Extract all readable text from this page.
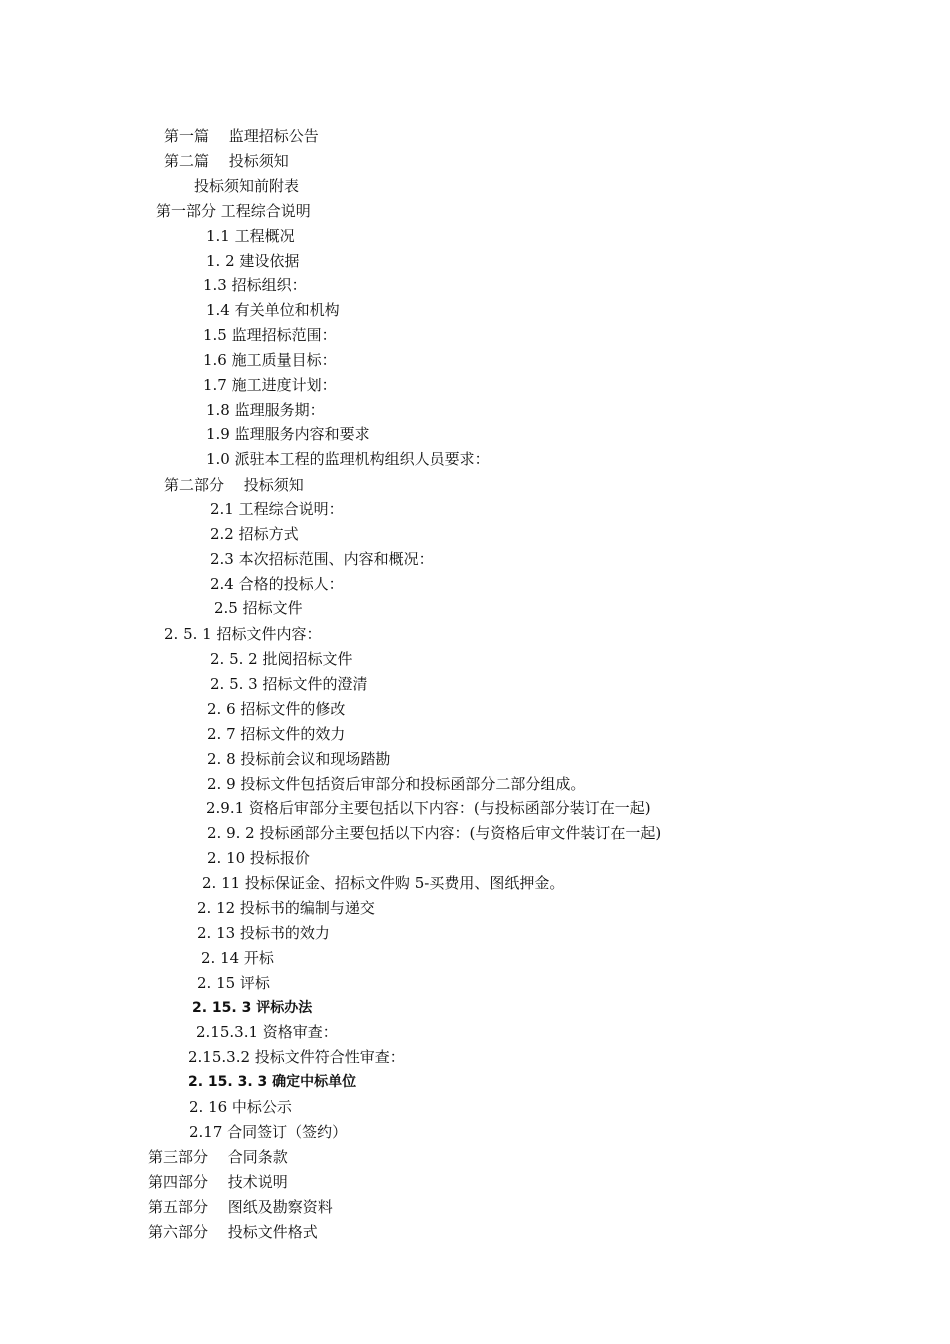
第一篇　 监理招标公告
第二篇　 投标须知
投标须知前附表
第一部分 工程综合说明
1.1 工程概况
1. 2 建设依据
1.3 招标组织：
1.4 有关单位和机构
1.5 监理招标范围：
1.6 施工质量目标：
1.7 施工进度计划：
1.8 监理服务期：
1.9 监理服务内容和要求
1.0 派驻本工程的监理机构组织人员要求：
第二部分　 投标须知
2.1 工程综合说明：
2.2 招标方式
2.3 本次招标范围、内容和概况：
2.4 合格的投标人：
2.5 招标文件
2. 5. 1 招标文件内容：
2. 5. 2 批阅招标文件
2. 5. 3 招标文件的澄清
2. 6 招标文件的修改
2. 7 招标文件的效力
2. 8 投标前会议和现场踏勘
2. 9 投标文件包括资后审部分和投标函部分二部分组成。
2.9.1 资格后审部分主要包括以下内容：(与投标函部分装订在一起)
2. 9. 2 投标函部分主要包括以下内容：(与资格后审文件装订在一起)
2. 10 投标报价
2. 11 投标保证金、招标文件购 5-买费用、图纸押金。
2. 12 投标书的编制与递交
2. 13 投标书的效力
2. 14 开标
2. 15 评标
2. 15. 3 评标办法
2.15.3.1 资格审查：
2.15.3.2 投标文件符合性审查：
2. 15. 3. 3 确定中标单位
2. 16 中标公示
2.17 合同签订（签约）
第三部分　 合同条款
第四部分　 技术说明
第五部分　 图纸及勘察资料
第六部分　 投标文件格式
